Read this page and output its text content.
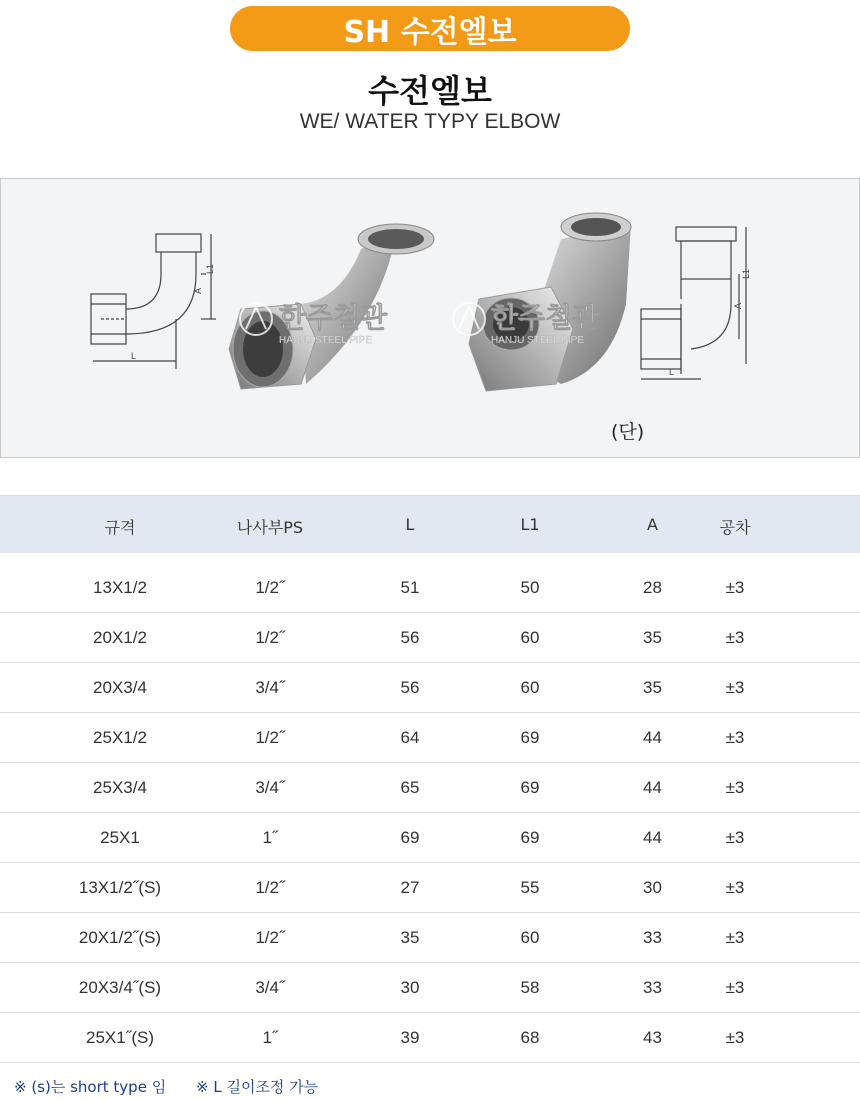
SH 수전엘보
수전엘보
WE/ WATER TYPY ELBOW
L1
A
L
한주철관
HANJU STEEL PIPE
한주철관
HANJU STEEL PIPE
L1
A
L
(단)
규격	나사부PS	L	L1	A	공차
13X1/2	1/2˝	51	50	28	±3
20X1/2	1/2˝	56	60	35	±3
20X3/4	3/4˝	56	60	35	±3
25X1/2	1/2˝	64	69	44	±3
25X3/4	3/4˝	65	69	44	±3
25X1	1˝	69	69	44	±3
13X1/2˝(S)	1/2˝	27	55	30	±3
20X1/2˝(S)	1/2˝	35	60	33	±3
20X3/4˝(S)	3/4˝	30	58	33	±3
25X1˝(S)	1˝	39	68	43	±3
※ (s)는 short type 임 ※ L 길이조정 가능
